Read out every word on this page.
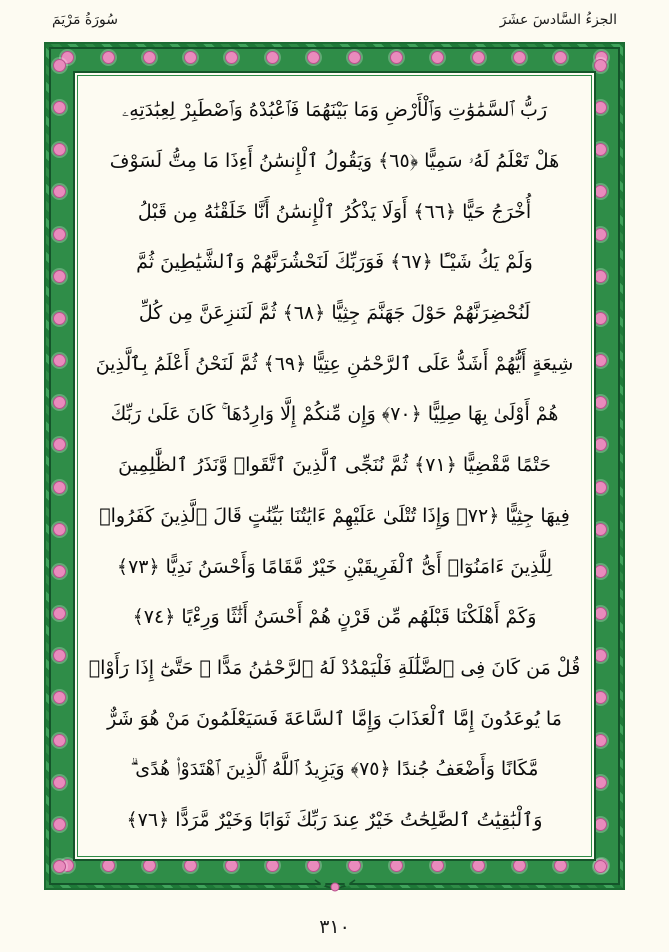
الجزءُ السَّادسَ عشَرَ
سُورَةُ مَرْيَمَ
رَبُّ ٱلسَّمَٰوَٰتِ وَٱلْأَرْضِ وَمَا بَيْنَهُمَا فَٱعْبُدْهُ وَٱصْطَبِرْ لِعِبَٰدَتِهِۦ
هَلْ تَعْلَمُ لَهُۥ سَمِيًّا ﴿٦٥﴾ وَيَقُولُ ٱلْإِنسَٰنُ أَءِذَا مَا مِتُّ لَسَوْفَ
أُخْرَجُ حَيًّا ﴿٦٦﴾ أَوَلَا يَذْكُرُ ٱلْإِنسَٰنُ أَنَّا خَلَقْنَٰهُ مِن قَبْلُ
وَلَمْ يَكُ شَيْـًٔا ﴿٦٧﴾ فَوَرَبِّكَ لَنَحْشُرَنَّهُمْ وَٱلشَّيَٰطِينَ ثُمَّ
لَنُحْضِرَنَّهُمْ حَوْلَ جَهَنَّمَ جِثِيًّا ﴿٦٨﴾ ثُمَّ لَنَنزِعَنَّ مِن كُلِّ
شِيعَةٍ أَيُّهُمْ أَشَدُّ عَلَى ٱلرَّحْمَٰنِ عِتِيًّا ﴿٦٩﴾ ثُمَّ لَنَحْنُ أَعْلَمُ بِٱلَّذِينَ
هُمْ أَوْلَىٰ بِهَا صِلِيًّا ﴿٧٠﴾ وَإِن مِّنكُمْ إِلَّا وَارِدُهَا ۚ كَانَ عَلَىٰ رَبِّكَ
حَتْمًا مَّقْضِيًّا ﴿٧١﴾ ثُمَّ نُنَجِّى ٱلَّذِينَ ٱتَّقَوا۟ وَّنَذَرُ ٱلظَّٰلِمِينَ
فِيهَا جِثِيًّا ﴿٧٢﴾ وَإِذَا تُتْلَىٰ عَلَيْهِمْ ءَايَٰتُنَا بَيِّنَٰتٍ قَالَ ٱلَّذِينَ كَفَرُوا۟
لِلَّذِينَ ءَامَنُوٓا۟ أَىُّ ٱلْفَرِيقَيْنِ خَيْرٌ مَّقَامًا وَأَحْسَنُ نَدِيًّا ﴿٧٣﴾
وَكَمْ أَهْلَكْنَا قَبْلَهُم مِّن قَرْنٍ هُمْ أَحْسَنُ أَثَٰثًا وَرِءْيًا ﴿٧٤﴾
قُلْ مَن كَانَ فِى ٱلضَّلَٰلَةِ فَلْيَمْدُدْ لَهُ ٱلرَّحْمَٰنُ مَدًّا ۚ حَتَّىٰٓ إِذَا رَأَوْا۟
مَا يُوعَدُونَ إِمَّا ٱلْعَذَابَ وَإِمَّا ٱلسَّاعَةَ فَسَيَعْلَمُونَ مَنْ هُوَ شَرٌّ
مَّكَانًا وَأَضْعَفُ جُندًا ﴿٧٥﴾ وَيَزِيدُ ٱللَّهُ ٱلَّذِينَ ٱهْتَدَوْا۟ هُدًى ۗ
وَٱلْبَٰقِيَٰتُ ٱلصَّٰلِحَٰتُ خَيْرٌ عِندَ رَبِّكَ ثَوَابًا وَخَيْرٌ مَّرَدًّا ﴿٧٦﴾
٣١٠
